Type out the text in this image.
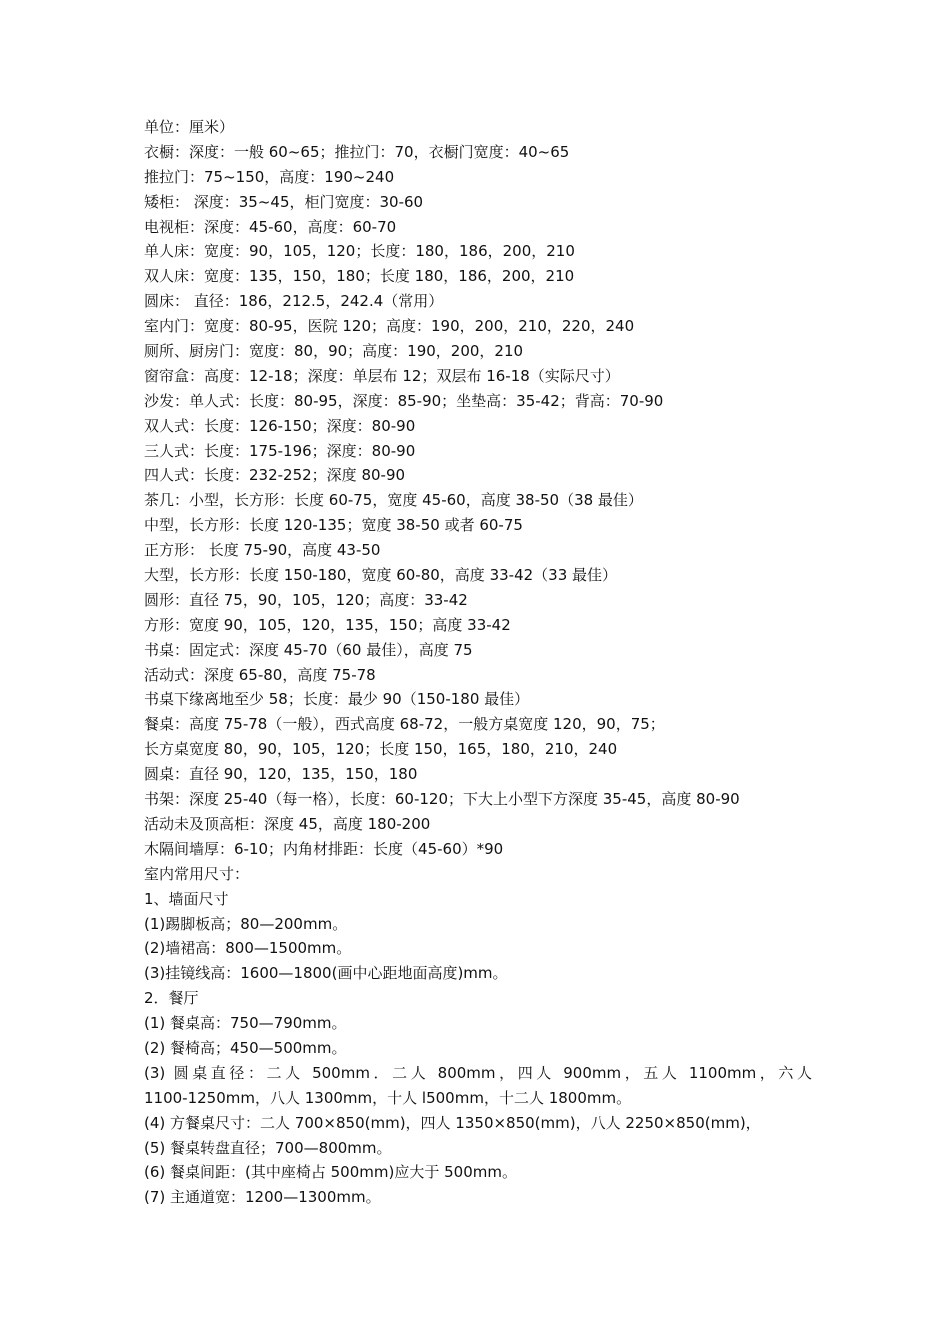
单位：厘米）
衣橱：深度：一般 60~65；推拉门：70，衣橱门宽度：40~65
推拉门：75~150，高度：190~240
矮柜： 深度：35~45，柜门宽度：30-60
电视柜：深度：45-60，高度：60-70
单人床：宽度：90，105，120；长度：180，186，200，210
双人床：宽度：135，150，180；长度 180，186，200，210
圆床： 直径：186，212.5，242.4（常用）
室内门：宽度：80-95，医院 120；高度：190，200，210，220，240
厕所、厨房门：宽度：80，90；高度：190，200，210
窗帘盒：高度：12-18；深度：单层布 12；双层布 16-18（实际尺寸）
沙发：单人式：长度：80-95，深度：85-90；坐垫高：35-42；背高：70-90
双人式：长度：126-150；深度：80-90
三人式：长度：175-196；深度：80-90
四人式：长度：232-252；深度 80-90
茶几：小型，长方形：长度 60-75，宽度 45-60，高度 38-50（38 最佳）
中型，长方形：长度 120-135；宽度 38-50 或者 60-75
正方形： 长度 75-90，高度 43-50
大型，长方形：长度 150-180，宽度 60-80，高度 33-42（33 最佳）
圆形：直径 75，90，105，120；高度：33-42
方形：宽度 90，105，120，135，150；高度 33-42
书桌：固定式：深度 45-70（60 最佳），高度 75
活动式：深度 65-80，高度 75-78
书桌下缘离地至少 58；长度：最少 90（150-180 最佳）
餐桌：高度 75-78（一般），西式高度 68-72，一般方桌宽度 120，90，75；
长方桌宽度 80，90，105，120；长度 150，165，180，210，240
圆桌：直径 90，120，135，150，180
书架：深度 25-40（每一格），长度：60-120；下大上小型下方深度 35-45，高度 80-90
活动未及顶高柜：深度 45，高度 180-200
木隔间墙厚：6-10；内角材排距：长度（45-60）*90
室内常用尺寸：
1、墙面尺寸
(1)踢脚板高；80—200mm。
(2)墙裙高：800—1500mm。
(3)挂镜线高：1600—1800(画中心距地面高度)mm。
2．餐厅
(1) 餐桌高：750—790mm。
(2) 餐椅高；450—500mm。
(3) 圆桌直径：二人 500mm．二人 800mm，四人 900mm，五人 1100mm，六人
1100-1250mm，八人 1300mm，十人 l500mm，十二人 1800mm。
(4) 方餐桌尺寸：二人 700×850(mm)，四人 1350×850(mm)，八人 2250×850(mm)，
(5) 餐桌转盘直径；700—800mm。
(6) 餐桌间距：(其中座椅占 500mm)应大于 500mm。
(7) 主通道宽：1200—1300mm。
